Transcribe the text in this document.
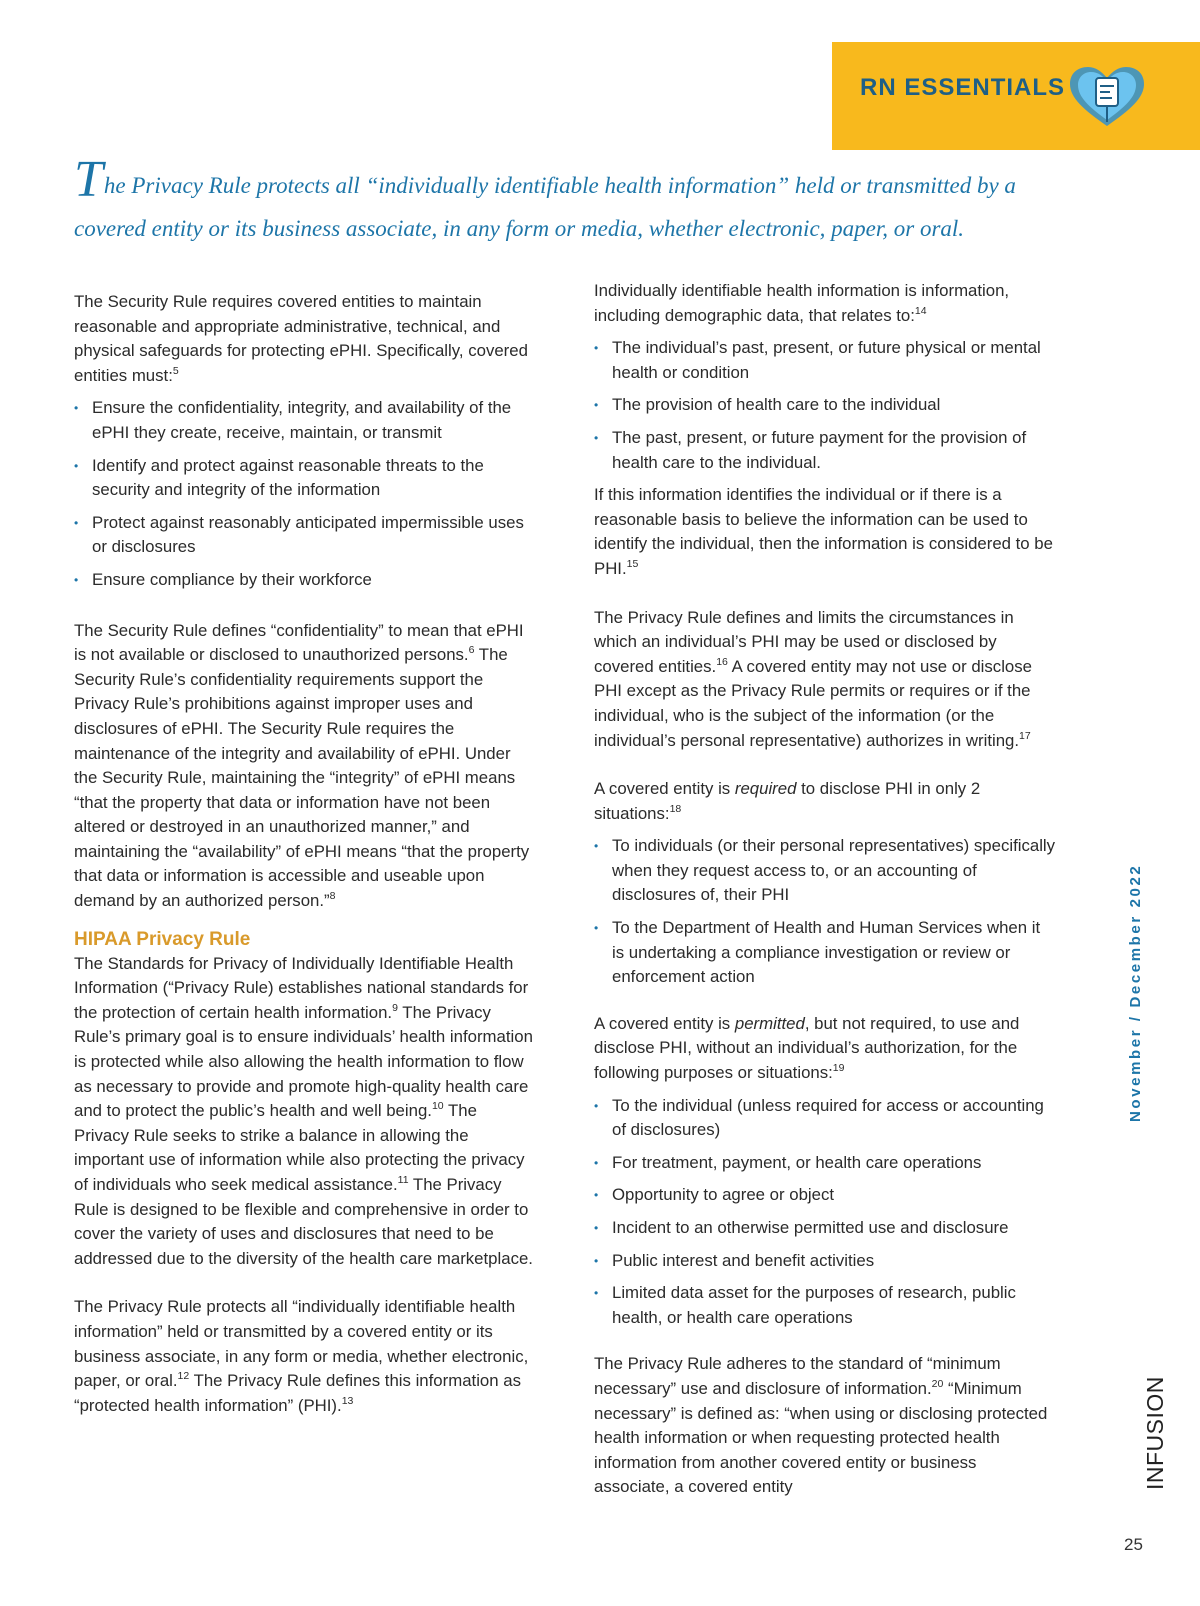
RN ESSENTIALS
The Privacy Rule protects all “individually identifiable health information” held or transmitted by a covered entity or its business associate, in any form or media, whether electronic, paper, or oral.

The Security Rule requires covered entities to maintain reasonable and appropriate administrative, technical, and physical safeguards for protecting ePHI. Specifically, covered entities must:$^5$

• Ensure the confidentiality, integrity, and availability of the ePHI they create, receive, maintain, or transmit
• Identify and protect against reasonable threats to the security and integrity of the information
• Protect against reasonably anticipated impermissible uses or disclosures
• Ensure compliance by their workforce

The Security Rule defines “confidentiality” to mean that ePHI is not available or disclosed to unauthorized persons.$^6$ The Security Rule’s confidentiality requirements support the Privacy Rule’s prohibitions against improper uses and disclosures of ePHI. The Security Rule requires the maintenance of the integrity and availability of ePHI. Under the Security Rule, maintaining the “integrity” of ePHI means “that the property that data or information have not been altered or destroyed in an unauthorized manner,” and maintaining the “availability” of ePHI means “that the property that data or information is accessible and useable upon demand by an authorized person.”$^8$

HIPAA Privacy Rule

The Standards for Privacy of Individually Identifiable Health Information (“Privacy Rule) establishes national standards for the protection of certain health information.$^9$ The Privacy Rule’s primary goal is to ensure individuals’ health information is protected while also allowing the health information to flow as necessary to provide and promote high-quality health care and to protect the public’s health and well being.$^{10}$ The Privacy Rule seeks to strike a balance in allowing the important use of information while also protecting the privacy of individuals who seek medical assistance.$^{11}$ The Privacy Rule is designed to be flexible and comprehensive in order to cover the variety of uses and disclosures that need to be addressed due to the diversity of the health care marketplace.

The Privacy Rule protects all “individually identifiable health information” held or transmitted by a covered entity or its business associate, in any form or media, whether electronic, paper, or oral.$^{12}$ The Privacy Rule defines this information as “protected health information” (PHI).$^{13}$

Individually identifiable health information is information, including demographic data, that relates to:$^{14}$

• The individual’s past, present, or future physical or mental health or condition
• The provision of health care to the individual
• The past, present, or future payment for the provision of health care to the individual.

If this information identifies the individual or if there is a reasonable basis to believe the information can be used to identify the individual, then the information is considered to be PHI.$^{15}$

The Privacy Rule defines and limits the circumstances in which an individual’s PHI may be used or disclosed by covered entities.$^{16}$ A covered entity may not use or disclose PHI except as the Privacy Rule permits or requires or if the individual, who is the subject of the information (or the individual’s personal representative) authorizes in writing.$^{17}$

A covered entity is required to disclose PHI in only 2 situations:$^{18}$

• To individuals (or their personal representatives) specifically when they request access to, or an accounting of disclosures of, their PHI
• To the Department of Health and Human Services when it is undertaking a compliance investigation or review or enforcement action

A covered entity is permitted, but not required, to use and disclose PHI, without an individual’s authorization, for the following purposes or situations:$^{19}$

• To the individual (unless required for access or accounting of disclosures)
• For treatment, payment, or health care operations
• Opportunity to agree or object
• Incident to an otherwise permitted use and disclosure
• Public interest and benefit activities
• Limited data asset for the purposes of research, public health, or health care operations

The Privacy Rule adheres to the standard of “minimum necessary” use and disclosure of information.$^{20}$ “Minimum necessary” is defined as: “when using or disclosing protected health information or when requesting protected health information from another covered entity or business associate, a covered entity

November / December 2022
INFUSION
25
